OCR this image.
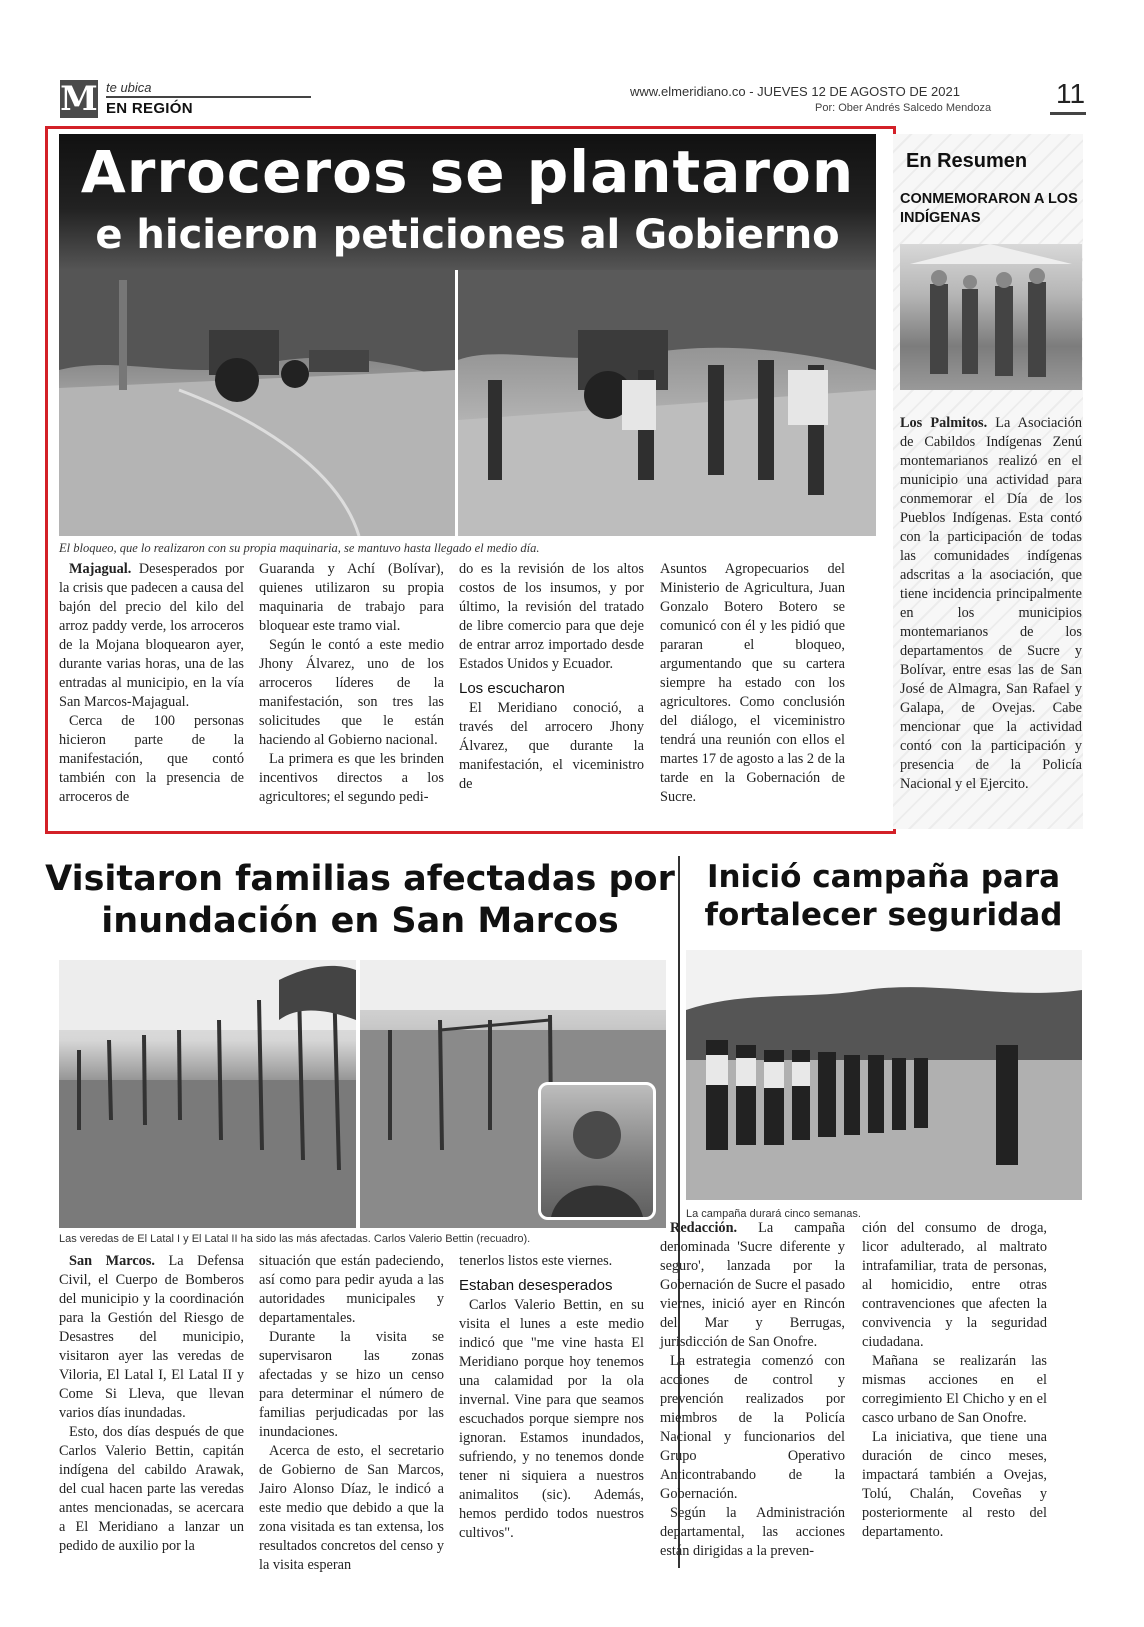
M te ubica
EN REGIÓN
www.elmeridiano.co - JUEVES 12 DE AGOSTO DE 2021
Por: Ober Andrés Salcedo Mendoza 11
Arroceros se plantaron
e hicieron peticiones al Gobierno
El bloqueo, que lo realizaron con su propia maquinaria, se mantuvo hasta llegado el medio día.

Majagual. Desesperados por la crisis que padecen a causa del bajón del precio del kilo del arroz paddy verde, los arroceros de la Mojana bloquearon ayer, durante varias horas, una de las entradas al municipio, en la vía San Marcos-Majagual.

Cerca de 100 personas hicieron parte de la manifestación, que contó también con la presencia de arroceros de

Guaranda y Achí (Bolívar), quienes utilizaron su propia maquinaria de trabajo para bloquear este tramo vial.

Según le contó a este medio Jhony Álvarez, uno de los arroceros líderes de la manifestación, son tres las solicitudes que le están haciendo al Gobierno nacional.

La primera es que les brinden incentivos directos a los agricultores; el segundo pedi-

do es la revisión de los altos costos de los insumos, y por último, la revisión del tratado de libre comercio para que deje de entrar arroz importado desde Estados Unidos y Ecuador.

Los escucharon

El Meridiano conoció, a través del arrocero Jhony Álvarez, que durante la manifestación, el viceministro de

Asuntos Agropecuarios del Ministerio de Agricultura, Juan Gonzalo Botero Botero se comunicó con él y les pidió que pararan el bloqueo, argumentando que su cartera siempre ha estado con los agricultores. Como conclusión del diálogo, el viceministro tendrá una reunión con ellos el martes 17 de agosto a las 2 de la tarde en la Gobernación de Sucre.

En Resumen
CONMEMORARON A LOS INDÍGENAS

Los Palmitos. La Asociación de Cabildos Indígenas Zenú montemarianos realizó en el municipio una actividad para conmemorar el Día de los Pueblos Indígenas. Esta contó con la participación de todas las comunidades indígenas adscritas a la asociación, que tiene incidencia principalmente en los municipios montemarianos de los departamentos de Sucre y Bolívar, entre esas las de San José de Almagra, San Rafael y Galapa, de Ovejas. Cabe mencionar que la actividad contó con la participación y presencia de la Policía Nacional y el Ejercito.

Visitaron familias afectadas por inundación en San Marcos
Las veredas de El Latal I y El Latal II ha sido las más afectadas. Carlos Valerio Bettin (recuadro).

San Marcos. La Defensa Civil, el Cuerpo de Bomberos del municipio y la coordinación para la Gestión del Riesgo de Desastres del municipio, visitaron ayer las veredas de Viloria, El Latal I, El Latal II y Come Si Lleva, que llevan varios días inundadas.

Esto, dos días después de que Carlos Valerio Bettin, capitán indígena del cabildo Arawak, del cual hacen parte las veredas antes mencionadas, se acercara a El Meridiano a lanzar un pedido de auxilio por la

situación que están padeciendo, así como para pedir ayuda a las autoridades municipales y departamentales.

Durante la visita se supervisaron las zonas afectadas y se hizo un censo para determinar el número de familias perjudicadas por las inundaciones.

Acerca de esto, el secretario de Gobierno de San Marcos, Jairo Alonso Díaz, le indicó a este medio que debido a que la zona visitada es tan extensa, los resultados concretos del censo y la visita esperan

tenerlos listos este viernes.

Estaban desesperados

Carlos Valerio Bettin, en su visita el lunes a este medio indicó que "me vine hasta El Meridiano porque hoy tenemos una calamidad por la ola invernal. Vine para que seamos escuchados porque siempre nos ignoran. Estamos inundados, sufriendo, y no tenemos donde tener ni siquiera a nuestros animalitos (sic). Además, hemos perdido todos nuestros cultivos".

Inició campaña para fortalecer seguridad
La campaña durará cinco semanas.

Redacción. La campaña denominada 'Sucre diferente y seguro', lanzada por la Gobernación de Sucre el pasado viernes, inició ayer en Rincón del Mar y Berrugas, jurisdicción de San Onofre.

La estrategia comenzó con acciones de control y prevención realizados por miembros de la Policía Nacional y funcionarios del Grupo Operativo Anticontrabando de la Gobernación.

Según la Administración departamental, las acciones están dirigidas a la preven-

ción del consumo de droga, licor adulterado, al maltrato intrafamiliar, trata de personas, al homicidio, entre otras contravenciones que afecten la convivencia y la seguridad ciudadana.

Mañana se realizarán las mismas acciones en el corregimiento El Chicho y en el casco urbano de San Onofre.

La iniciativa, que tiene una duración de cinco meses, impactará también a Ovejas, Tolú, Chalán, Coveñas y posteriormente al resto del departamento.
